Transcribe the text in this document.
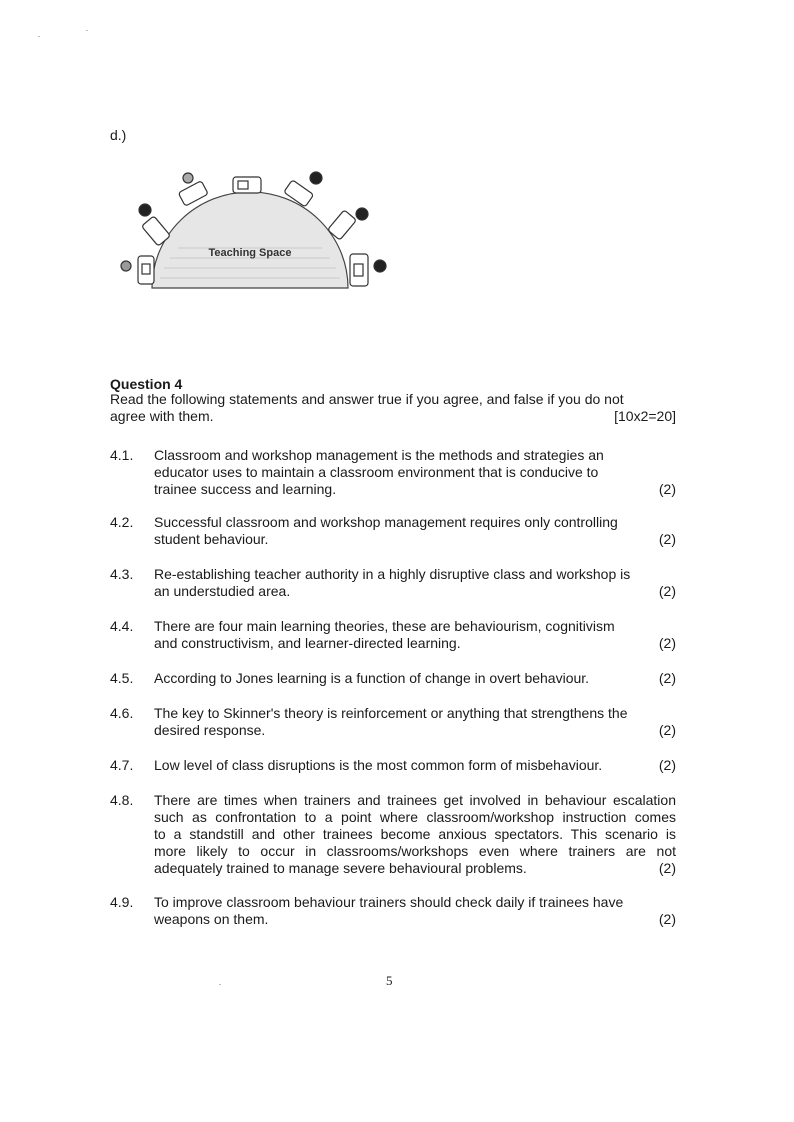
d.)
Teaching Space
Question 4
Read the following statements and answer true if you agree, and false if you do not
agree with them.	[10x2=20]
4.1.	Classroom and workshop management is the methods and strategies an
educator uses to maintain a classroom environment that is conducive to
trainee success and learning.	(2)
4.2.	Successful classroom and workshop management requires only controlling
student behaviour.	(2)
4.3.	Re-establishing teacher authority in a highly disruptive class and workshop is
an understudied area.	(2)
4.4.	There are four main learning theories, these are behaviourism, cognitivism
and constructivism, and learner-directed learning.	(2)
4.5.	According to Jones learning is a function of change in overt behaviour.	(2)
4.6.	The key to Skinner's theory is reinforcement or anything that strengthens the
desired response.	(2)
4.7.	Low level of class disruptions is the most common form of misbehaviour.	(2)
4.8.	There are times when trainers and trainees get involved in behaviour escalation
such as confrontation to a point where classroom/workshop instruction comes
to a standstill and other trainees become anxious spectators. This scenario is
more likely to occur in classrooms/workshops even where trainers are not
adequately trained to manage severe behavioural problems.	(2)
4.9.	To improve classroom behaviour trainers should check daily if trainees have
weapons on them.	(2)
5
